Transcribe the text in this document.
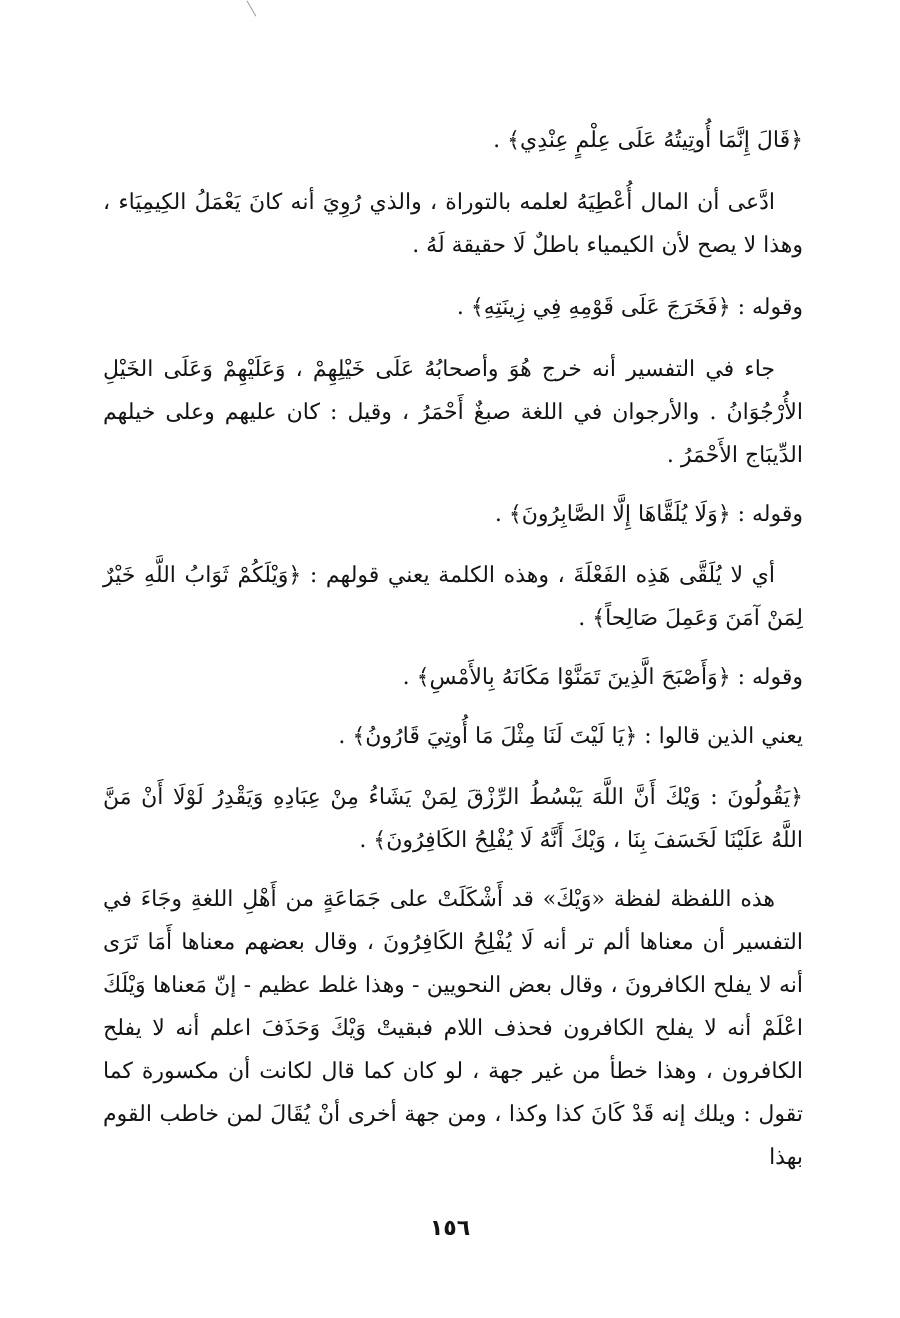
﴿قَالَ إِنَّمَا أُوتِيتُهُ عَلَى عِلْمٍ عِنْدِي﴾ .
ادَّعى أن المال أُعْطِيَهُ لعلمه بالتوراة ، والذي رُوِيَ أنه كانَ يَعْمَلُ الكِيمِيَاء ، وهذا لا يصح لأن الكيمياء باطلٌ لَا حقيقة لَهُ .
وقوله : ﴿فَخَرَجَ عَلَى قَوْمِهِ فِي زِينَتِهِ﴾ .
جاء في التفسير أنه خرج هُوَ وأصحابُهُ عَلَى خَيْلِهِمْ ، وَعَلَيْهِمْ وَعَلَى الخَيْلِ الأُرْجُوَانُ . والأرجوان في اللغة صبغٌ أَحْمَرُ ، وقيل : كان عليهم وعلى خيلهم الدِّيبَاج الأَحْمَرُ .
وقوله : ﴿وَلَا يُلَقَّاهَا إِلَّا الصَّابِرُونَ﴾ .
أي لا يُلَقَّى هَذِه الفَعْلَةَ ، وهذه الكلمة يعني قولهم : ﴿وَيْلَكُمْ ثَوَابُ اللَّهِ خَيْرٌ لِمَنْ آمَنَ وَعَمِلَ صَالِحاً﴾ .
وقوله : ﴿وَأَصْبَحَ الَّذِينَ تَمَنَّوْا مَكَانَهُ بِالأَمْسِ﴾ .
يعني الذين قالوا : ﴿يَا لَيْتَ لَنَا مِثْلَ مَا أُوتِيَ قَارُونُ﴾ .
﴿يَقُولُونَ : وَيْكَ أَنَّ اللَّهَ يَبْسُطُ الرِّزْقَ لِمَنْ يَشَاءُ مِنْ عِبَادِهِ وَيَقْدِرُ لَوْلَا أَنْ مَنَّ اللَّهُ عَلَيْنَا لَخَسَفَ بِنَا ، وَيْكَ أَنَّهُ لَا يُفْلِحُ الكَافِرُونَ﴾ .
هذه اللفظة لفظة «وَيْكَ» قد أَشْكَلَتْ على جَمَاعَةٍ من أَهْلِ اللغةِ وجَاءَ في التفسير أن معناها ألم تر أنه لَا يُفْلِحُ الكَافِرُونَ ، وقال بعضهم معناها أَمَا تَرَى أنه لا يفلح الكافرونَ ، وقال بعض النحويين - وهذا غلط عظيم - إنّ مَعناها وَيْلَكَ اعْلَمْ أنه لا يفلح الكافرون فحذف اللام فبقيتْ وَيْكَ وَحَذَفَ اعلم أنه لا يفلح الكافرون ، وهذا خطأ من غير جهة ، لو كان كما قال لكانت أن مكسورة كما تقول : ويلك إنه قَدْ كَانَ كذا وكذا ، ومن جهة أخرى أنْ يُقَالَ لمن خاطب القوم بهذا
١٥٦
